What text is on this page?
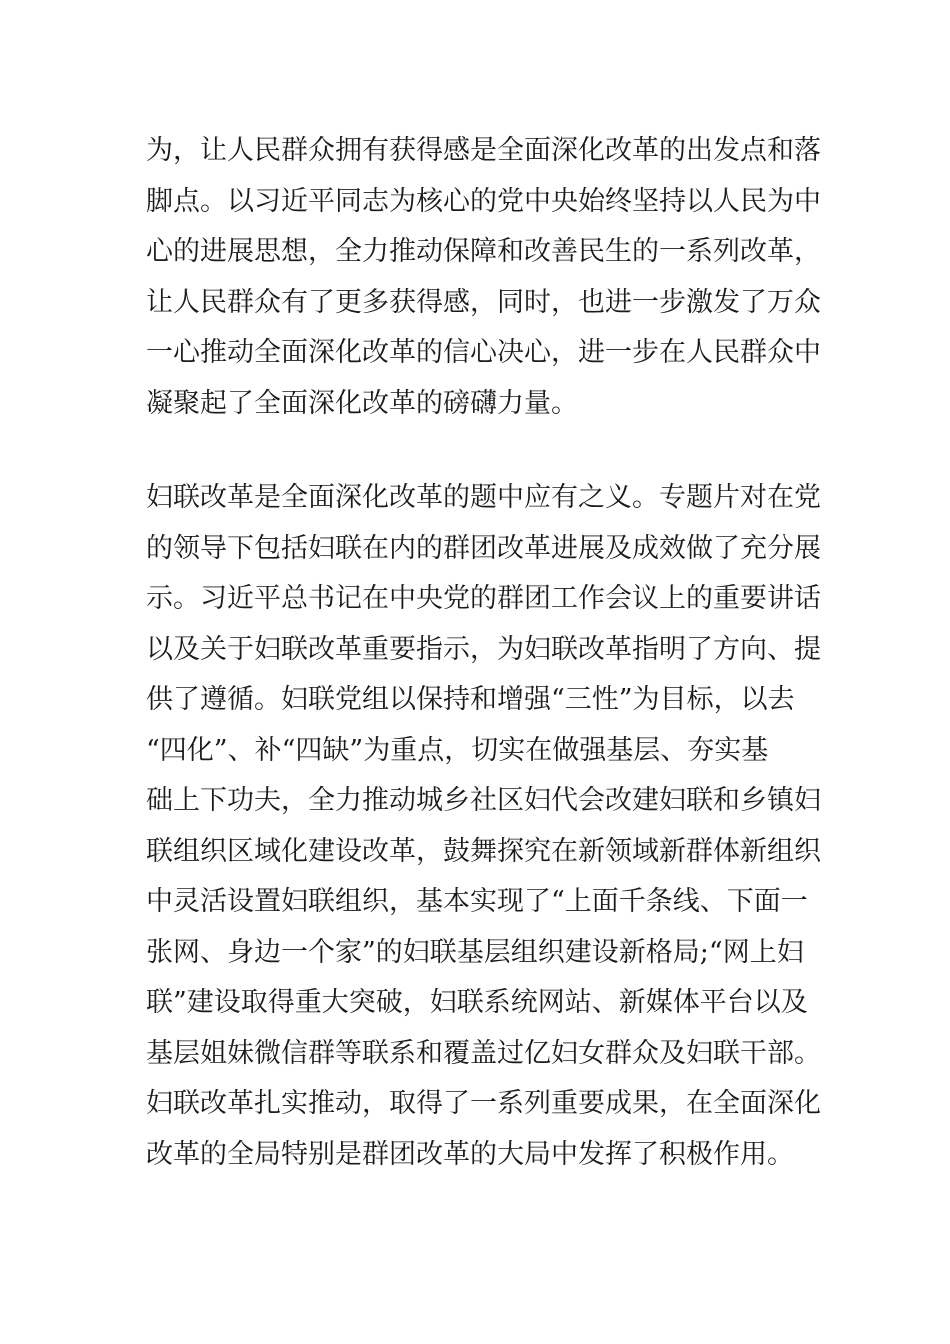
为，让人民群众拥有获得感是全面深化改革的出发点和落
脚点。以习近平同志为核心的党中央始终坚持以人民为中
心的进展思想，全力推动保障和改善民生的一系列改革，
让人民群众有了更多获得感，同时，也进一步激发了万众
一心推动全面深化改革的信心决心，进一步在人民群众中
凝聚起了全面深化改革的磅礴力量。

妇联改革是全面深化改革的题中应有之义。专题片对在党
的领导下包括妇联在内的群团改革进展及成效做了充分展
示。习近平总书记在中央党的群团工作会议上的重要讲话
以及关于妇联改革重要指示，为妇联改革指明了方向、提
供了遵循。妇联党组以保持和增强“三性”为目标，以去
“四化”、补“四缺”为重点，切实在做强基层、夯实基
础上下功夫，全力推动城乡社区妇代会改建妇联和乡镇妇
联组织区域化建设改革，鼓舞探究在新领域新群体新组织
中灵活设置妇联组织，基本实现了“上面千条线、下面一
张网、身边一个家”的妇联基层组织建设新格局;“网上妇
联”建设取得重大突破，妇联系统网站、新媒体平台以及
基层姐妹微信群等联系和覆盖过亿妇女群众及妇联干部。
妇联改革扎实推动，取得了一系列重要成果，在全面深化
改革的全局特别是群团改革的大局中发挥了积极作用。
